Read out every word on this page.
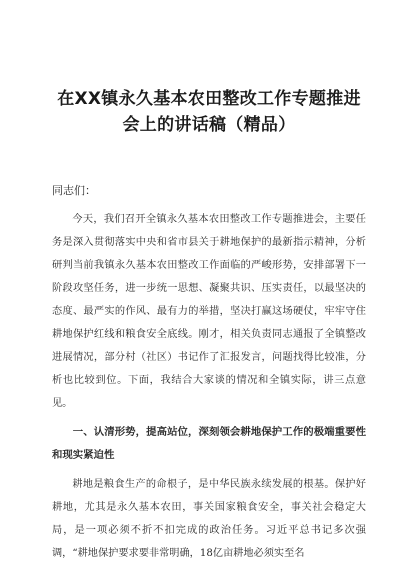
在XX镇永久基本农田整改工作专题推进会上的讲话稿（精品）

同志们：

今天，我们召开全镇永久基本农田整改工作专题推进会，主要任务是深入贯彻落实中央和省市县关于耕地保护的最新指示精神，分析研判当前我镇永久基本农田整改工作面临的严峻形势，安排部署下一阶段攻坚任务，进一步统一思想、凝聚共识、压实责任，以最坚决的态度、最严实的作风、最有力的举措，坚决打赢这场硬仗，牢牢守住耕地保护红线和粮食安全底线。刚才，相关负责同志通报了全镇整改进展情况，部分村（社区）书记作了汇报发言，问题找得比较准，分析也比较到位。下面，我结合大家谈的情况和全镇实际，讲三点意见。

一、认清形势，提高站位，深刻领会耕地保护工作的极端重要性和现实紧迫性

耕地是粮食生产的命根子，是中华民族永续发展的根基。保护好耕地，尤其是永久基本农田，事关国家粮食安全，事关社会稳定大局，是一项必须不折不扣完成的政治任务。习近平总书记多次强调，“耕地保护要求要非常明确，18亿亩耕地必须实至名
